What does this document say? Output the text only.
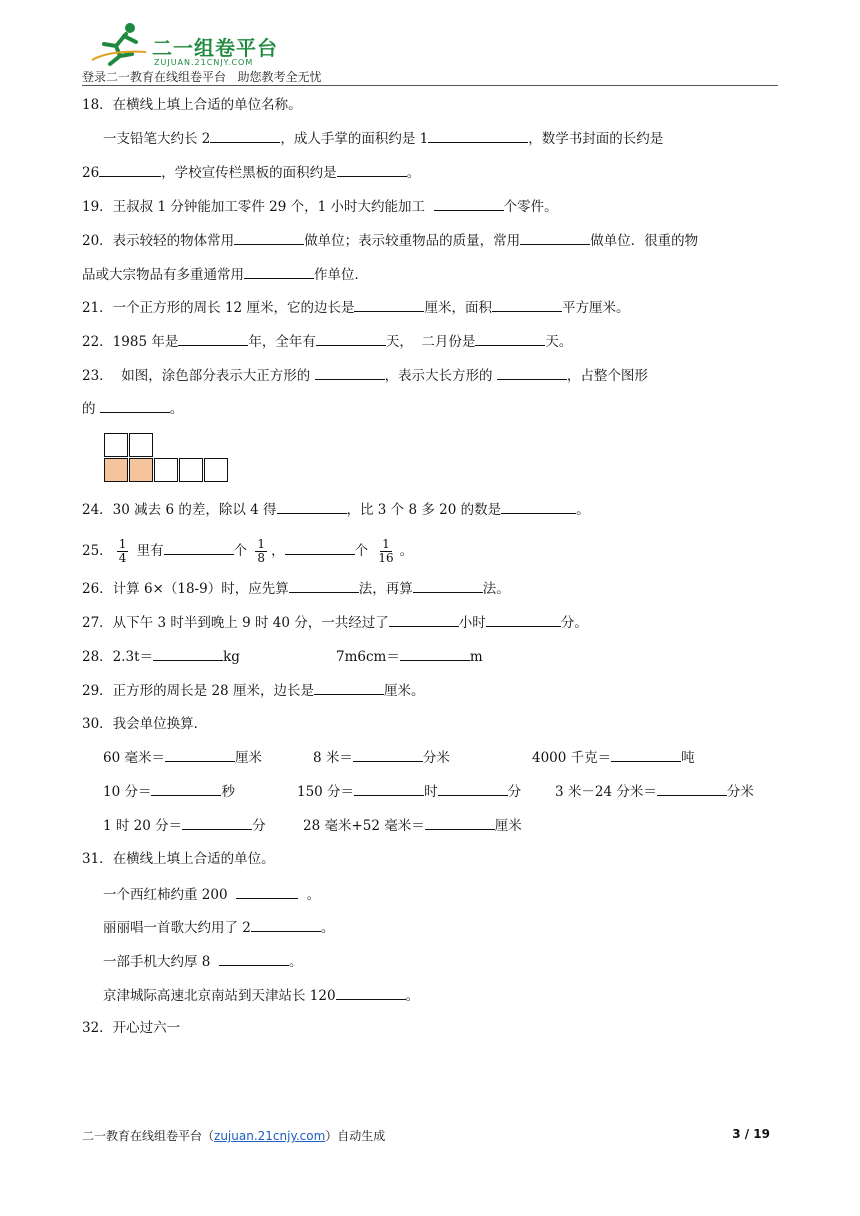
二一组卷平台
ZUJUAN.21CNJY.COM
登录二一教育在线组卷平台   助您教考全无忧
18．在横线上填上合适的单位名称。
一支铅笔大约长 2	，成人手掌的面积约是 1	，数学书封面的长约是
26	，学校宣传栏黑板的面积约是	。
19．王叔叔 1 分钟能加工零件 29 个，1 小时大约能加工	个零件。
20．表示较轻的物体常用	做单位；表示较重物品的质量，常用	做单位．很重的物
品或大宗物品有多重通常用	作单位．
21．一个正方形的周长 12 厘米，它的边长是	厘米，面积	平方厘米。
22．1985 年是	年，全年有	天，  二月份是	天。
23．  如图，涂色部分表示大正方形的	，表示大长方形的	，占整个图形
的	。
24．30 减去 6 的差，除以 4 得	，比 3 个 8 多 20 的数是	。
25． $\frac{1}{4}$ 里有	个 $\frac{1}{8}$ ，	个 $\frac{1}{16}$ 。
26．计算 6×（18-9）时，应先算	法，再算	法。
27．从下午 3 时半到晚上 9 时 40 分，一共经过了	小时	分。
28．2.3t＝	kg	7m6cm＝	m
29．正方形的周长是 28 厘米，边长是	厘米。
30．我会单位换算．
60 毫米＝	厘米	8 米＝	分米	4000 千克＝	吨
10 分＝	秒	150 分＝	时	分	3 米－24 分米＝	分米
1 时 20 分＝	分	28 毫米+52 毫米＝	厘米
31．在横线上填上合适的单位。
一个西红柿约重 200	。
丽丽唱一首歌大约用了 2	。
一部手机大约厚 8	。
京津城际高速北京南站到天津站长 120	。
32．开心过六一
二一教育在线组卷平台（zujuan.21cnjy.com）自动生成	3 / 19
